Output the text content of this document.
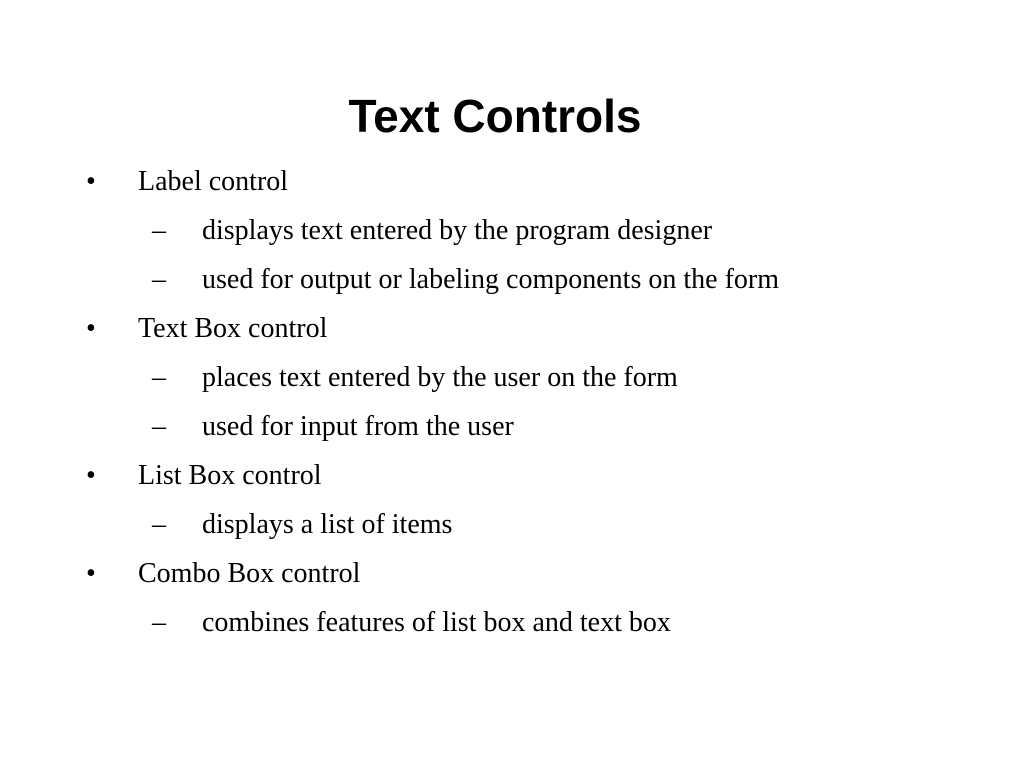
Text Controls
• Label control
– displays text entered by the program designer
– used for output or labeling components on the form
• Text Box control
– places text entered by the user on the form
– used for input from the user
• List Box control
– displays a list of items
• Combo Box control
– combines features of list box and text box
